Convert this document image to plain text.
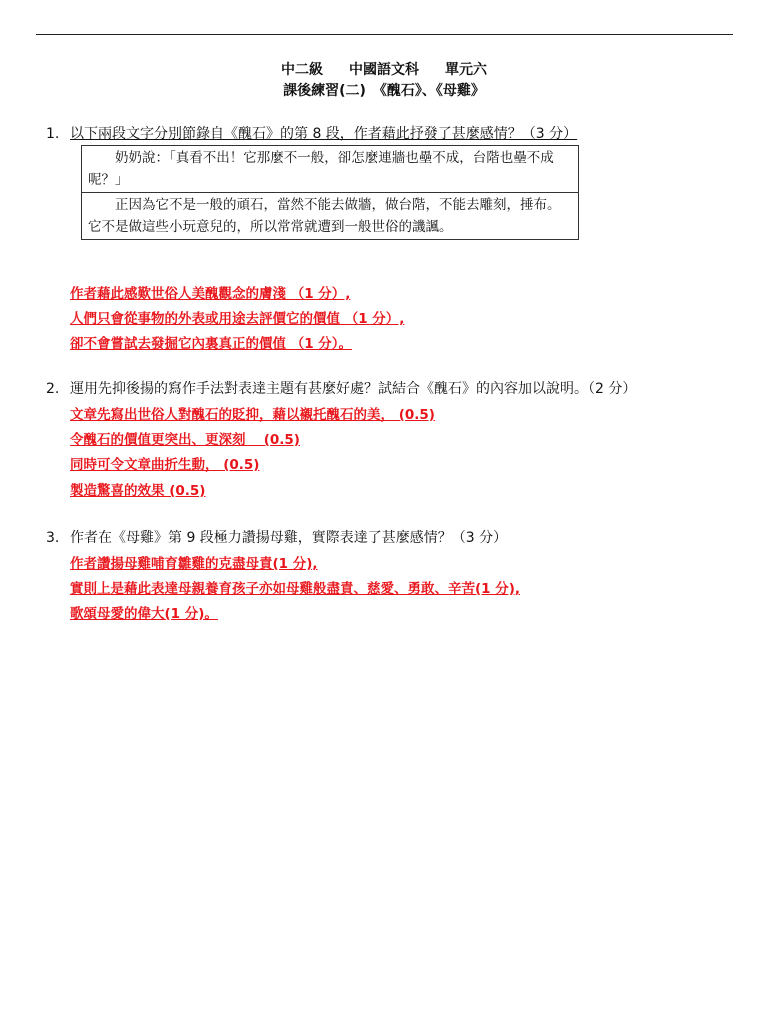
中二級 中國語文科 單元六
課後練習(二)　《醜石》、《母雞》
1. 以下兩段文字分別節錄自《醜石》的第 8 段，作者藉此抒發了甚麼感情？（3 分）
奶奶說：「真看不出！它那麼不一般，卻怎麼連牆也壘不成，台階也壘不成呢？」
正因為它不是一般的頑石，當然不能去做牆，做台階，不能去雕刻，捶布。它不是做這些小玩意兒的，所以常常就遭到一般世俗的譏諷。
作者藉此感歎世俗人美醜觀念的膚淺 （1 分）,
人們只會從事物的外表或用途去評價它的價值 （1 分）,
卻不會嘗試去發掘它內裏真正的價值 （1 分）。
2. 運用先抑後揚的寫作手法對表達主題有甚麼好處？試結合《醜石》的內容加以說明。（2 分）
文章先寫出世俗人對醜石的貶抑，藉以襯托醜石的美， (0.5)
令醜石的價值更突出、更深刻　 (0.5)
同時可令文章曲折生動， (0.5)
製造驚喜的效果 (0.5)
3. 作者在《母雞》第 9 段極力讚揚母雞，實際表達了甚麼感情？（3 分）
作者讚揚母雞哺育雛雞的克盡母責(1 分),
實則上是藉此表達母親養育孩子亦如母雞般盡責、慈愛、勇敢、辛苦(1 分),
歌頌母愛的偉大(1 分)。
